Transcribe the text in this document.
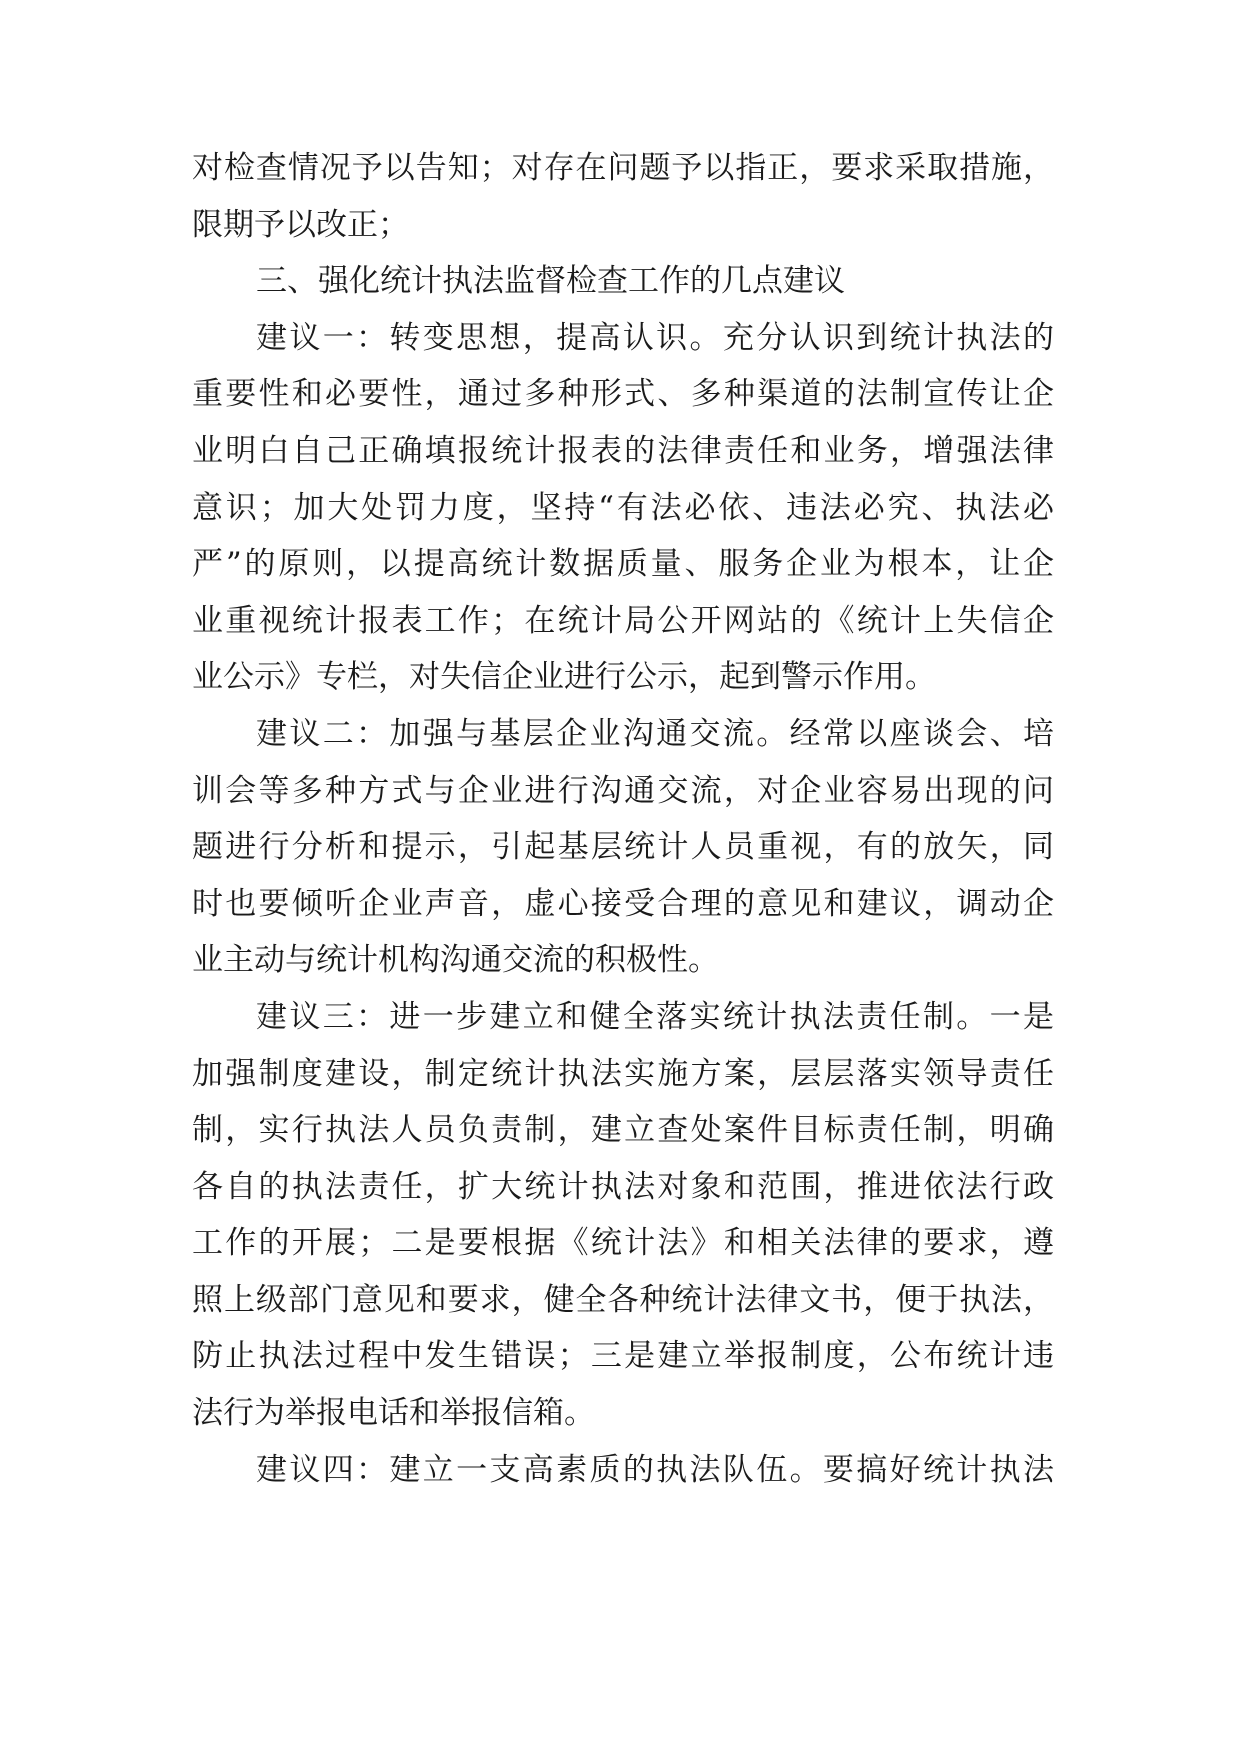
对检查情况予以告知；对存在问题予以指正，要求采取措施，
限期予以改正；
三、强化统计执法监督检查工作的几点建议
建议一：转变思想，提高认识。充分认识到统计执法的
重要性和必要性，通过多种形式、多种渠道的法制宣传让企
业明白自己正确填报统计报表的法律责任和业务，增强法律
意识；加大处罚力度，坚持“有法必依、违法必究、执法必
严”的原则，以提高统计数据质量、服务企业为根本，让企
业重视统计报表工作；在统计局公开网站的《统计上失信企
业公示》专栏，对失信企业进行公示，起到警示作用。
建议二：加强与基层企业沟通交流。经常以座谈会、培
训会等多种方式与企业进行沟通交流，对企业容易出现的问
题进行分析和提示，引起基层统计人员重视，有的放矢，同
时也要倾听企业声音，虚心接受合理的意见和建议，调动企
业主动与统计机构沟通交流的积极性。
建议三：进一步建立和健全落实统计执法责任制。一是
加强制度建设，制定统计执法实施方案，层层落实领导责任
制，实行执法人员负责制，建立查处案件目标责任制，明确
各自的执法责任，扩大统计执法对象和范围，推进依法行政
工作的开展；二是要根据《统计法》和相关法律的要求，遵
照上级部门意见和要求，健全各种统计法律文书，便于执法，
防止执法过程中发生错误；三是建立举报制度，公布统计违
法行为举报电话和举报信箱。
建议四：建立一支高素质的执法队伍。要搞好统计执法
